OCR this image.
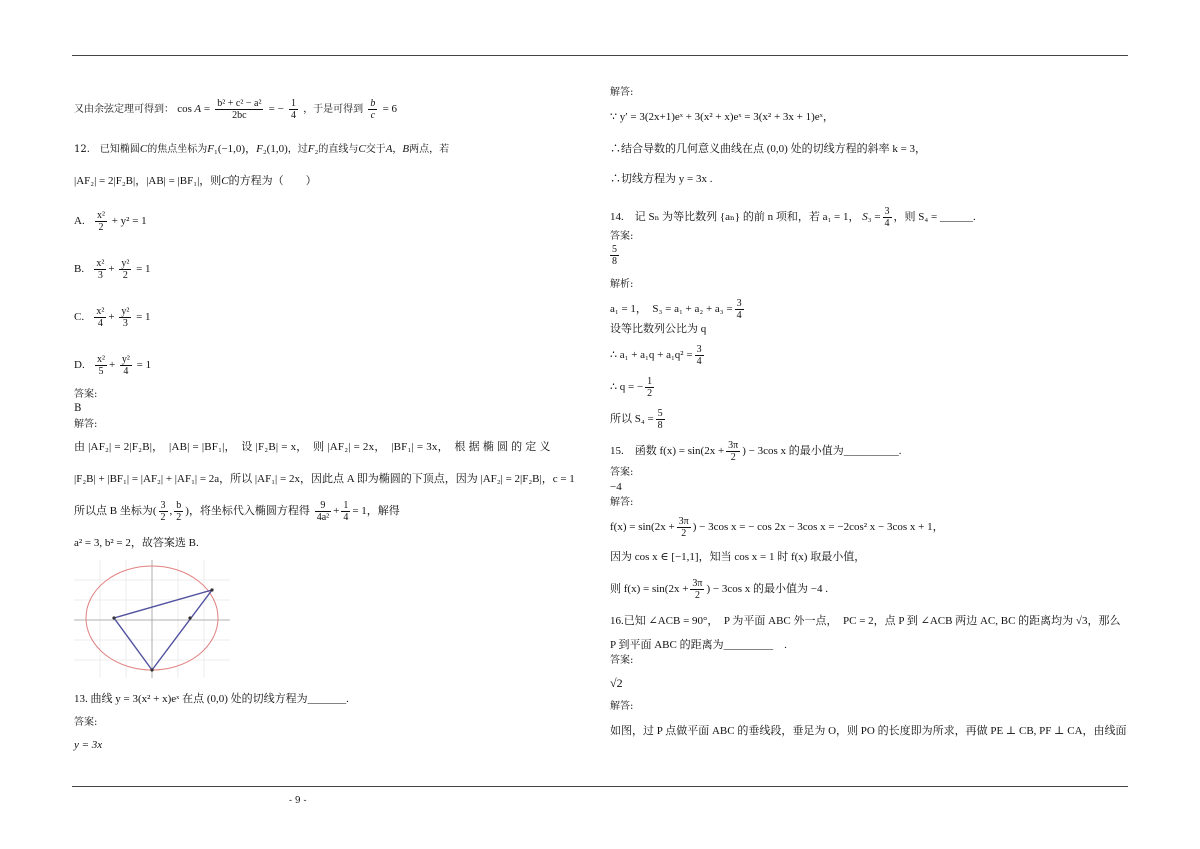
又由余弦定理可得到： $\cos A = \frac{\text{b² + c² − a²}}{2bc}$ = − $\frac{1}{4}$ ，于是可得到 $\frac{b}{c} = 6$
12.　已知椭圆C的焦点坐标为F₁(−1,0)，F₂(1,0)，过F₂的直线与C交于A，B两点，若
|AF₂| = 2|F₂B|，|AB| = |BF₁|，则C的方程为（　　）
A. $\frac{\text{x²}}{2} + y^2 = 1$
B. $\frac{\text{x²}}{3} + \frac{\text{y²}}{2} = 1$
C. $\frac{\text{x²}}{4} + \frac{\text{y²}}{3} = 1$
D. $\frac{\text{x²}}{5} + \frac{\text{y²}}{4} = 1$
答案:
B
解答:
由 |AF₂| = 2|F₂B|，　|AB| = |BF₁|，　设 |F₂B| = x，　则 |AF₂| = 2x，　|BF₁| = 3x，　根 据 椭 圆 的 定 义
|F₂B| + |BF₁| = |AF₂| + |AF₁| = 2a，所以 |AF₁| = 2x，因此点 A 即为椭圆的下顶点，因为 |AF₂| = 2|F₂B|，c = 1
所以点 B 坐标为( $\frac{3}{2}$ , $\frac{b}{2}$ )，将坐标代入椭圆方程得 $\frac{9}{\text{4a²}} + \frac{1}{4} = 1$，解得
a² = 3, b² = 2，故答案选 B.
13. 曲线 y = 3(x² + x)eˣ 在点 (0,0) 处的切线方程为_______.
答案:
y = 3x
解答:
∵ y′ = 3(2x+1)eˣ + 3(x² + x)eˣ = 3(x² + 3x + 1)eˣ，
∴结合导数的几何意义曲线在点 (0,0) 处的切线方程的斜率 k = 3，
∴切线方程为 y = 3x .
14.　记 Sₙ 为等比数列 {aₙ} 的前 n 项和，若 a₁ = 1， $S_3 = \frac{3}{4}$ ，则 S₄ = ______.
答案:
$\frac{5}{8}$
解析:
a₁ = 1，　$S_3 = a_1 + a_2 + a_3 = \frac{3}{4}$
设等比数列公比为 q
∴ $a_1 + a_1q + a_1q^2 = \frac{3}{4}$
∴ q = − $\frac{1}{2}$
所以 $S_4 = \frac{5}{8}$
15.　函数 $f(x) = \sin(2x + \frac{3\pi}{2}$ ) − 3cos x 的最小值为__________.
答案:
−4
解答:
$f(x) = \sin(2x + \frac{3\pi}{2}$ ) − 3cos x = − cos 2x − 3cos x = −2cos² x − 3cos x + 1，
因为 cos x ∈ [−1,1]，知当 cos x = 1 时 f(x) 取最小值，
则 $f(x) = \sin(2x + \frac{3\pi}{2}$ ) − 3cos x 的最小值为 −4 .
16.已知 ∠ACB = 90°，　P 为平面 ABC 外一点，　PC = 2，点 P 到 ∠ACB 两边 AC, BC 的距离均为 √3，那么
P 到平面 ABC 的距离为_________　.
答案:
√2
解答:
如图，过 P 点做平面 ABC 的垂线段，垂足为 O，则 PO 的长度即为所求，再做 PE ⊥ CB, PF ⊥ CA，由线面
- 9 -
